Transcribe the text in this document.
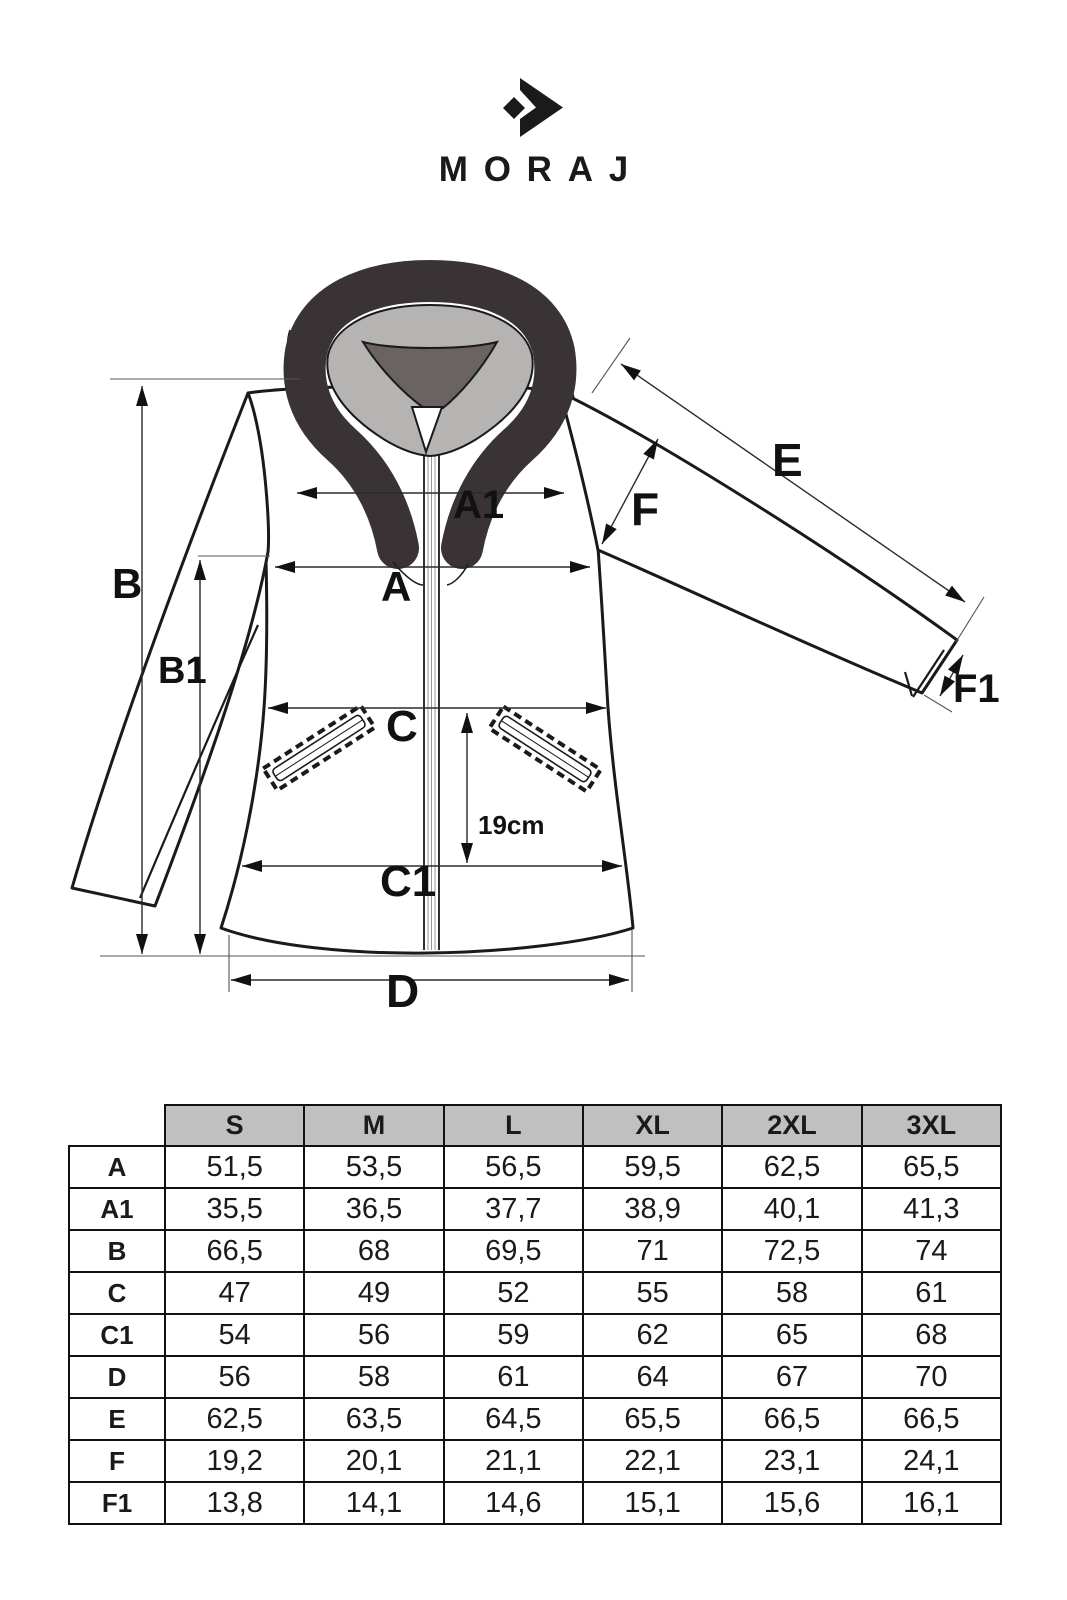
MORAJ
B
B1
A1
A
C
C1
D
E
F
F1
19cm
	S	M	L	XL	2XL	3XL
A	51,5	53,5	56,5	59,5	62,5	65,5
A1	35,5	36,5	37,7	38,9	40,1	41,3
B	66,5	68	69,5	71	72,5	74
C	47	49	52	55	58	61
C1	54	56	59	62	65	68
D	56	58	61	64	67	70
E	62,5	63,5	64,5	65,5	66,5	66,5
F	19,2	20,1	21,1	22,1	23,1	24,1
F1	13,8	14,1	14,6	15,1	15,6	16,1
